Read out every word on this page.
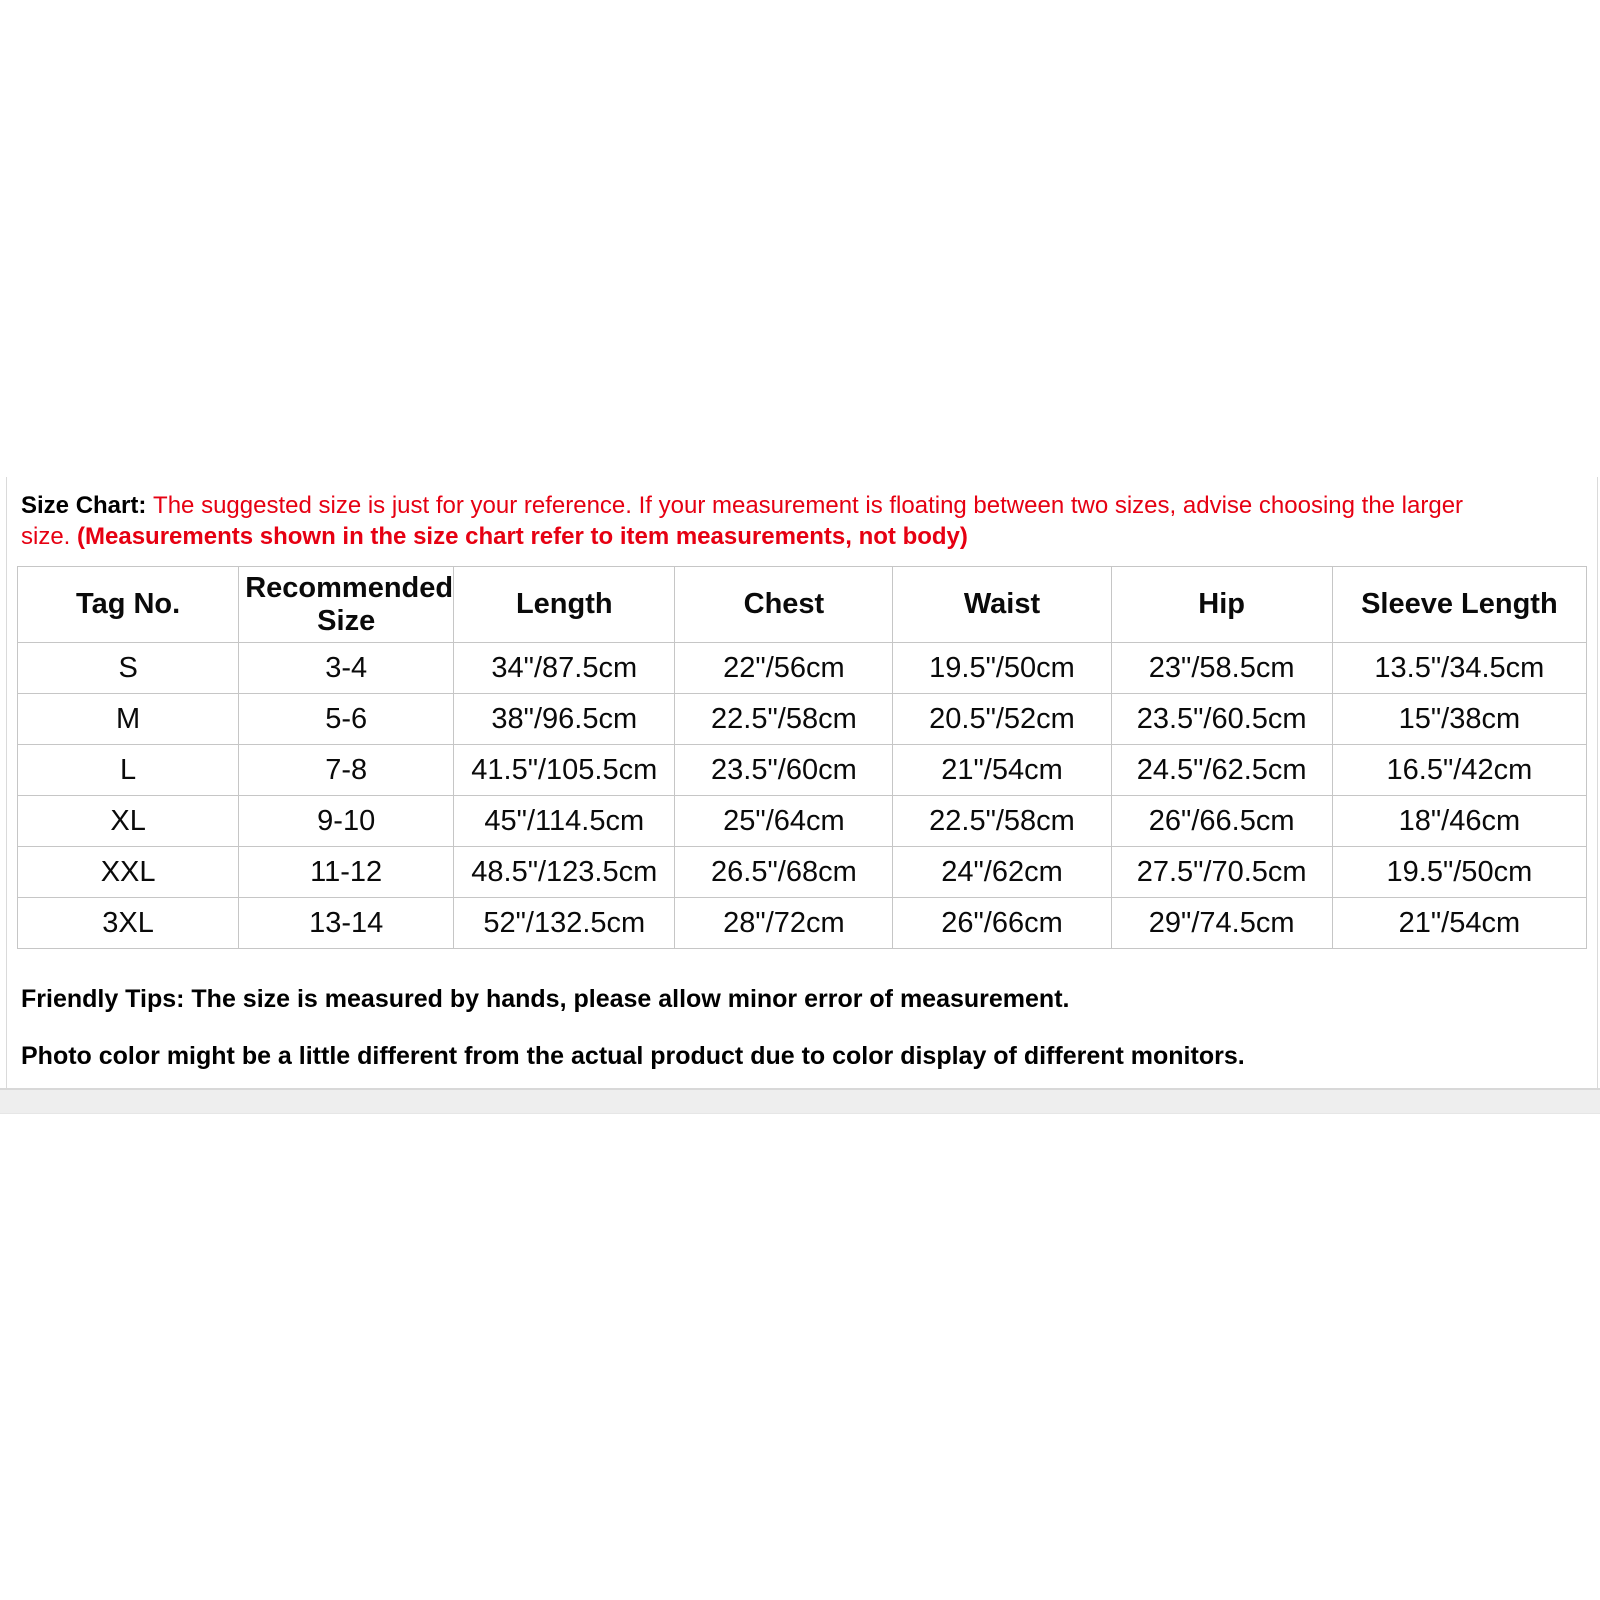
Size Chart: The suggested size is just for your reference. If your measurement is floating between two sizes, advise choosing the larger size. (Measurements shown in the size chart refer to item measurements, not body)

Tag No.	Recommended Size	Length	Chest	Waist	Hip	Sleeve Length
S	3-4	34"/87.5cm	22"/56cm	19.5"/50cm	23"/58.5cm	13.5"/34.5cm
M	5-6	38"/96.5cm	22.5"/58cm	20.5"/52cm	23.5"/60.5cm	15"/38cm
L	7-8	41.5"/105.5cm	23.5"/60cm	21"/54cm	24.5"/62.5cm	16.5"/42cm
XL	9-10	45"/114.5cm	25"/64cm	22.5"/58cm	26"/66.5cm	18"/46cm
XXL	11-12	48.5"/123.5cm	26.5"/68cm	24"/62cm	27.5"/70.5cm	19.5"/50cm
3XL	13-14	52"/132.5cm	28"/72cm	26"/66cm	29"/74.5cm	21"/54cm

Friendly Tips: The size is measured by hands, please allow minor error of measurement.

Photo color might be a little different from the actual product due to color display of different monitors.
